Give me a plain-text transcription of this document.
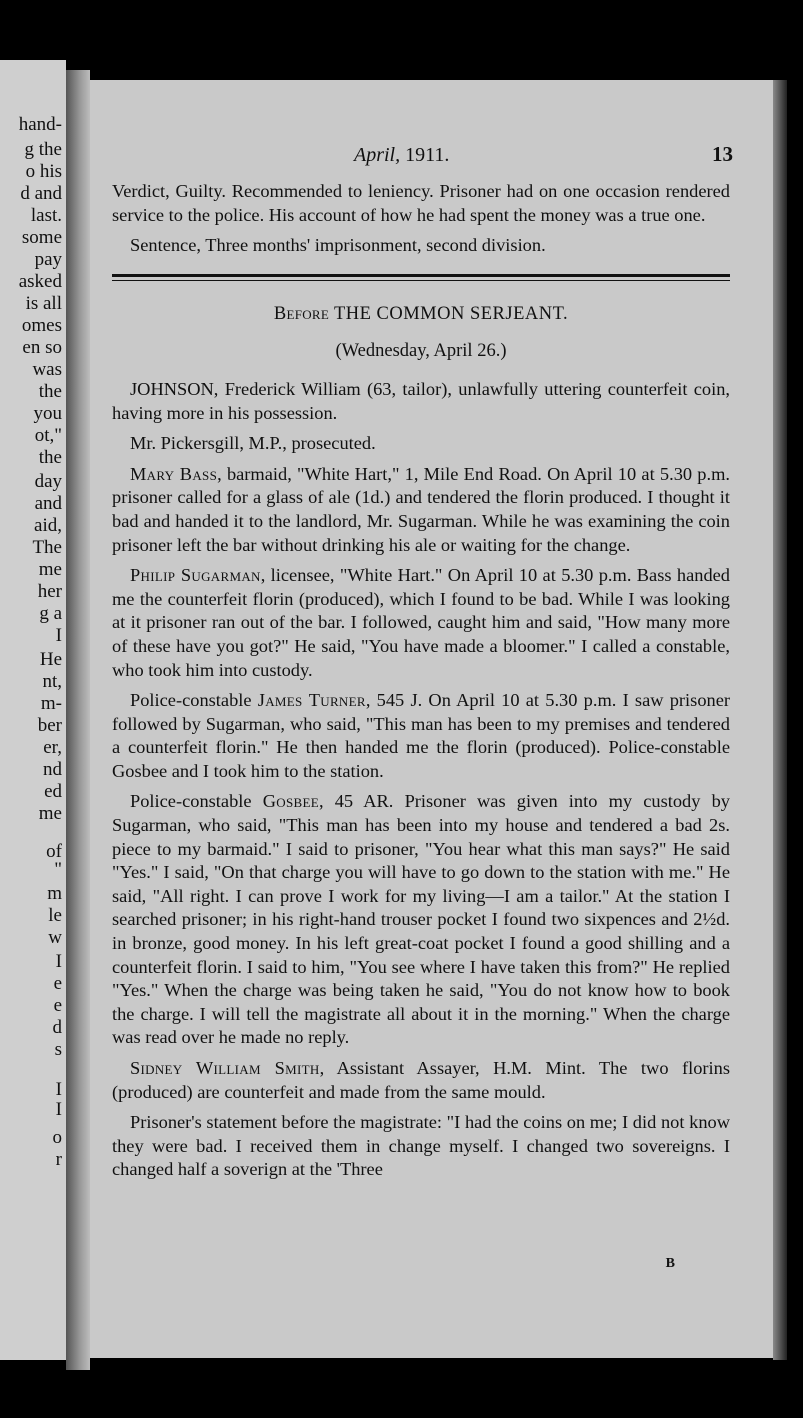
hand-
g the
o his
d and
last.
some
pay
asked
is all
omes
en so
was
the
you
ot,"
the
day
and
aid,
The
me
her
g a
I
He
nt,
m-
ber
er,
nd
ed
me
of
"
m
le
w
I
e
e
d
s
I
I
o
r
April, 1911.	13

Verdict, Guilty. Recommended to leniency. Prisoner had on one occasion rendered service to the police. His account of how he had spent the money was a true one.

Sentence, Three months' imprisonment, second division.

Before THE COMMON SERJEANT.
(Wednesday, April 26.)

JOHNSON, Frederick William (63, tailor), unlawfully uttering counterfeit coin, having more in his possession.

Mr. Pickersgill, M.P., prosecuted.

Mary Bass, barmaid, "White Hart," 1, Mile End Road. On April 10 at 5.30 p.m. prisoner called for a glass of ale (1d.) and tendered the florin produced. I thought it bad and handed it to the landlord, Mr. Sugarman. While he was examining the coin prisoner left the bar without drinking his ale or waiting for the change.

Philip Sugarman, licensee, "White Hart." On April 10 at 5.30 p.m. Bass handed me the counterfeit florin (produced), which I found to be bad. While I was looking at it prisoner ran out of the bar. I followed, caught him and said, "How many more of these have you got?" He said, "You have made a bloomer." I called a constable, who took him into custody.

Police-constable James Turner, 545 J. On April 10 at 5.30 p.m. I saw prisoner followed by Sugarman, who said, "This man has been to my premises and tendered a counterfeit florin." He then handed me the florin (produced). Police-constable Gosbee and I took him to the station.

Police-constable Gosbee, 45 AR. Prisoner was given into my custody by Sugarman, who said, "This man has been into my house and tendered a bad 2s. piece to my barmaid." I said to prisoner, "You hear what this man says?" He said "Yes." I said, "On that charge you will have to go down to the station with me." He said, "All right. I can prove I work for my living—I am a tailor." At the station I searched prisoner; in his right-hand trouser pocket I found two sixpences and 2½d. in bronze, good money. In his left great-coat pocket I found a good shilling and a counterfeit florin. I said to him, "You see where I have taken this from?" He replied "Yes." When the charge was being taken he said, "You do not know how to book the charge. I will tell the magistrate all about it in the morning." When the charge was read over he made no reply.

Sidney William Smith, Assistant Assayer, H.M. Mint. The two florins (produced) are counterfeit and made from the same mould.

Prisoner's statement before the magistrate: "I had the coins on me; I did not know they were bad. I received them in change myself. I changed two sovereigns. I changed half a soverign at the 'Three

B
